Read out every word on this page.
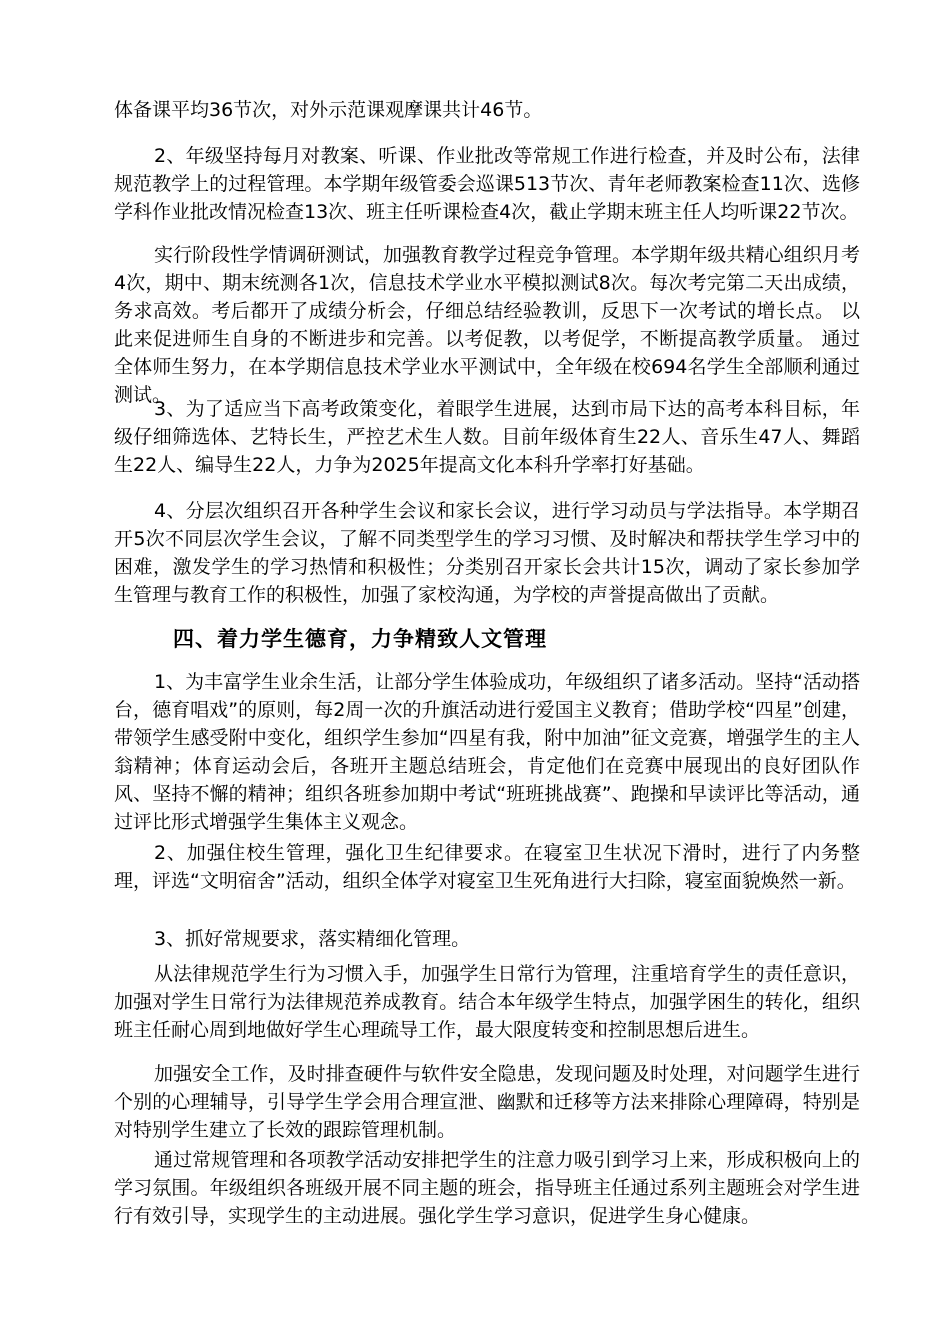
体备课平均36节次，对外示范课观摩课共计46节。

2、年级坚持每月对教案、听课、作业批改等常规工作进行检查，并及时公布，法律规范教学上的过程管理。本学期年级管委会巡课513节次、青年老师教案检查11次、选修学科作业批改情况检查13次、班主任听课检查4次，截止学期末班主任人均听课22节次。

实行阶段性学情调研测试，加强教育教学过程竞争管理。本学期年级共精心组织月考4次，期中、期末统测各1次，信息技术学业水平模拟测试8次。每次考完第二天出成绩，务求高效。考后都开了成绩分析会，仔细总结经验教训，反思下一次考试的增长点。 以此来促进师生自身的不断进步和完善。以考促教，以考促学，不断提高教学质量。 通过全体师生努力，在本学期信息技术学业水平测试中，全年级在校694名学生全部顺利通过测试。

3、为了适应当下高考政策变化，着眼学生进展，达到市局下达的高考本科目标，年级仔细筛选体、艺特长生，严控艺术生人数。目前年级体育生22人、音乐生47人、舞蹈生22人、编导生22人，力争为2025年提高文化本科升学率打好基础。

4、分层次组织召开各种学生会议和家长会议，进行学习动员与学法指导。本学期召开5次不同层次学生会议，了解不同类型学生的学习习惯、及时解决和帮扶学生学习中的困难，激发学生的学习热情和积极性；分类别召开家长会共计15次，调动了家长参加学生管理与教育工作的积极性，加强了家校沟通，为学校的声誉提高做出了贡献。

四、着力学生德育，力争精致人文管理

1、为丰富学生业余生活，让部分学生体验成功，年级组织了诸多活动。坚持“活动搭台，德育唱戏”的原则，每2周一次的升旗活动进行爱国主义教育；借助学校“四星”创建，带领学生感受附中变化，组织学生参加“四星有我，附中加油”征文竞赛，增强学生的主人翁精神；体育运动会后，各班开主题总结班会，肯定他们在竞赛中展现出的良好团队作风、坚持不懈的精神；组织各班参加期中考试“班班挑战赛”、跑操和早读评比等活动，通过评比形式增强学生集体主义观念。

2、加强住校生管理，强化卫生纪律要求。在寝室卫生状况下滑时，进行了内务整理，评选“文明宿舍”活动，组织全体学对寝室卫生死角进行大扫除，寝室面貌焕然一新。

3、抓好常规要求，落实精细化管理。

从法律规范学生行为习惯入手，加强学生日常行为管理，注重培育学生的责任意识，加强对学生日常行为法律规范养成教育。结合本年级学生特点，加强学困生的转化，组织班主任耐心周到地做好学生心理疏导工作，最大限度转变和控制思想后进生。

加强安全工作，及时排查硬件与软件安全隐患，发现问题及时处理，对问题学生进行个别的心理辅导，引导学生学会用合理宣泄、幽默和迁移等方法来排除心理障碍，特别是对特别学生建立了长效的跟踪管理机制。

通过常规管理和各项教学活动安排把学生的注意力吸引到学习上来，形成积极向上的学习氛围。年级组织各班级开展不同主题的班会，指导班主任通过系列主题班会对学生进行有效引导，实现学生的主动进展。强化学生学习意识，促进学生身心健康。
